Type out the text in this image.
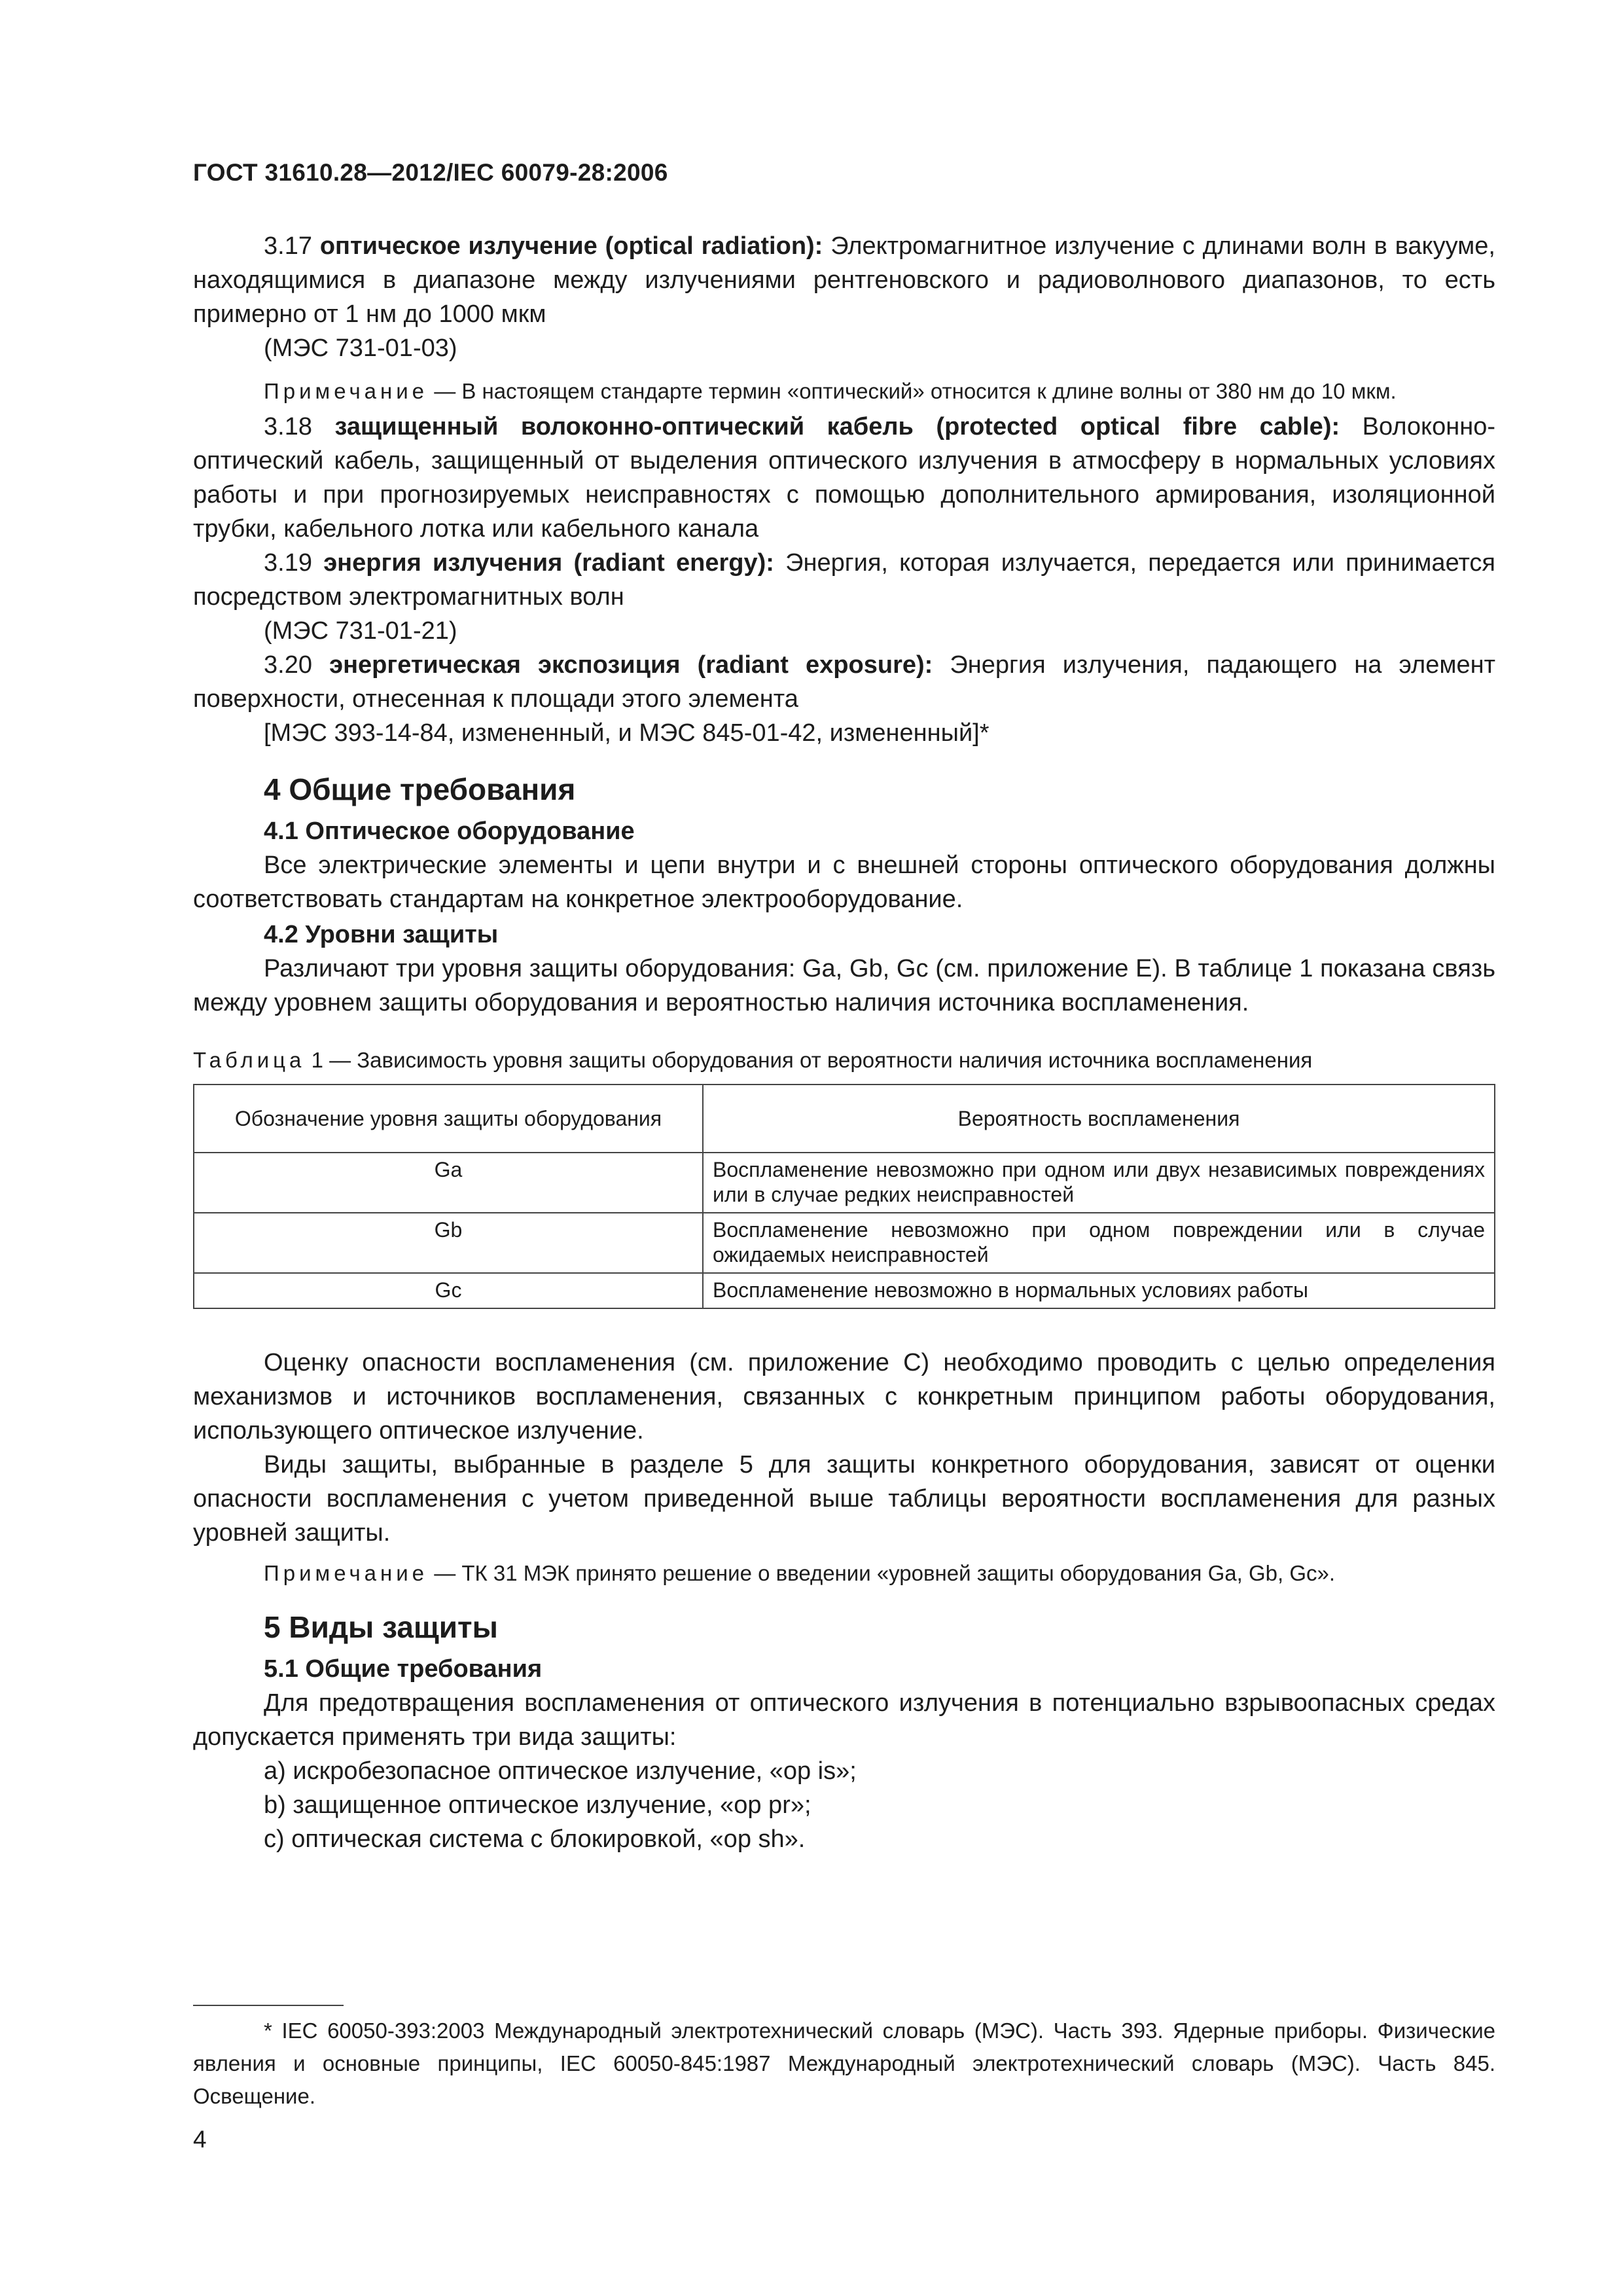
ГОСТ 31610.28—2012/IEC 60079-28:2006

3.17 оптическое излучение (optical radiation): Электромагнитное излучение с длинами волн в вакууме, находящимися в диапазоне между излучениями рентгеновского и радиоволнового диапазонов, то есть примерно от 1 нм до 1000 мкм

(МЭС 731-01-03)

Примечание — В настоящем стандарте термин «оптический» относится к длине волны от 380 нм до 10 мкм.

3.18 защищенный волоконно-оптический кабель (protected optical fibre cable): Волоконно-оптический кабель, защищенный от выделения оптического излучения в атмосферу в нормальных условиях работы и при прогнозируемых неисправностях с помощью дополнительного армирования, изоляционной трубки, кабельного лотка или кабельного канала

3.19 энергия излучения (radiant energy): Энергия, которая излучается, передается или принимается посредством электромагнитных волн

(МЭС 731-01-21)

3.20 энергетическая экспозиция (radiant exposure): Энергия излучения, падающего на элемент поверхности, отнесенная к площади этого элемента

[МЭС 393-14-84, измененный, и МЭС 845-01-42, измененный]*

4 Общие требования
4.1 Оптическое оборудование

Все электрические элементы и цепи внутри и с внешней стороны оптического оборудования должны соответствовать стандартам на конкретное электрооборудование.

4.2 Уровни защиты

Различают три уровня защиты оборудования: Ga, Gb, Gc (см. приложение E). В таблице 1 показана связь между уровнем защиты оборудования и вероятностью наличия источника воспламенения.

Таблица 1 — Зависимость уровня защиты оборудования от вероятности наличия источника воспламенения
Обозначение уровня защиты оборудования	Вероятность воспламенения
Ga	Воспламенение невозможно при одном или двух независимых повреждениях или в случае редких неисправностей
Gb	Воспламенение невозможно при одном повреждении или в случае ожидаемых неисправностей
Gc	Воспламенение невозможно в нормальных условиях работы

Оценку опасности воспламенения (см. приложение C) необходимо проводить с целью определения механизмов и источников воспламенения, связанных с конкретным принципом работы оборудования, использующего оптическое излучение.

Виды защиты, выбранные в разделе 5 для защиты конкретного оборудования, зависят от оценки опасности воспламенения с учетом приведенной выше таблицы вероятности воспламенения для разных уровней защиты.

Примечание — ТК 31 МЭК принято решение о введении «уровней защиты оборудования Ga, Gb, Gc».

5 Виды защиты
5.1 Общие требования

Для предотвращения воспламенения от оптического излучения в потенциально взрывоопасных средах допускается применять три вида защиты:

a) искробезопасное оптическое излучение, «op is»;

b) защищенное оптическое излучение, «op pr»;

c) оптическая система с блокировкой, «op sh».

* IEC 60050-393:2003 Международный электротехнический словарь (МЭС). Часть 393. Ядерные приборы. Физические явления и основные принципы, IEC 60050-845:1987 Международный электротехнический словарь (МЭС). Часть 845. Освещение.
4
